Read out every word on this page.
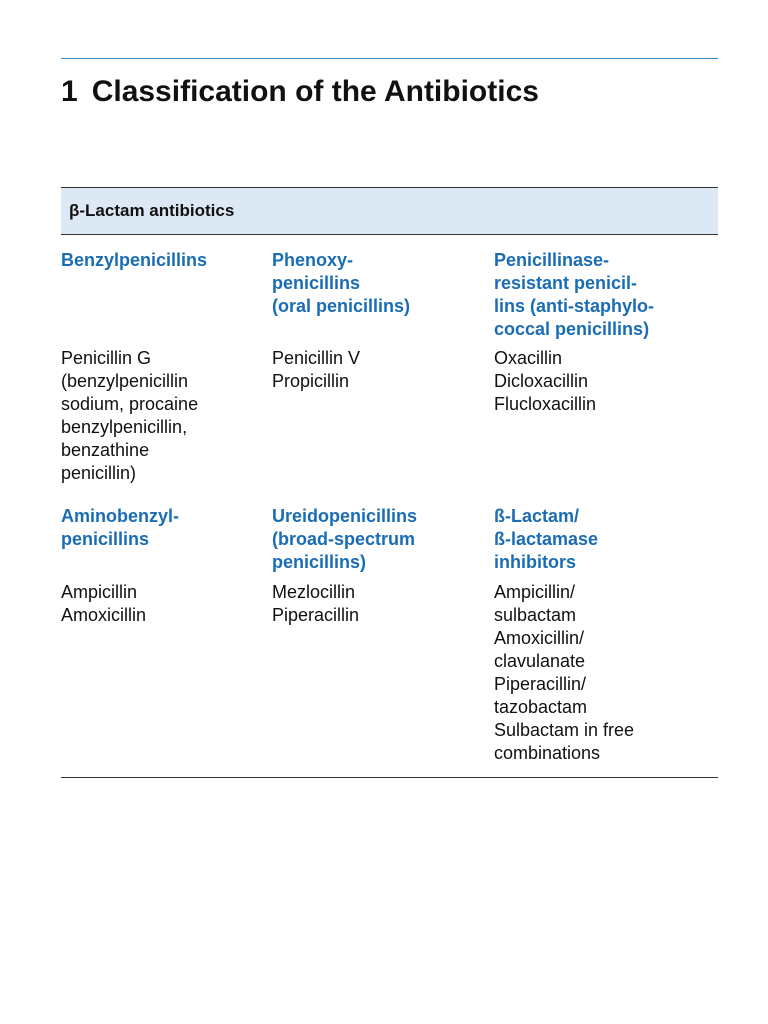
1 Classification of the Antibiotics
β-Lactam antibiotics
Benzylpenicillins	Phenoxy-
penicillins
(oral penicillins)
Penicillinase-
resistant penicil-
lins (anti-staphylo-
coccal penicillins)
Penicillin G
(benzylpenicillin
sodium, procaine
benzylpenicillin,
benzathine
penicillin)
Penicillin V
Propicillin
Oxacillin
Dicloxacillin
Flucloxacillin
Aminobenzyl-
penicillins
Ureidopenicillins
(broad-spectrum
penicillins)
ß-Lactam/
ß-lactamase
inhibitors
Ampicillin
Amoxicillin
Mezlocillin
Piperacillin
Ampicillin/
sulbactam
Amoxicillin/
clavulanate
Piperacillin/
tazobactam
Sulbactam in free
combinations
